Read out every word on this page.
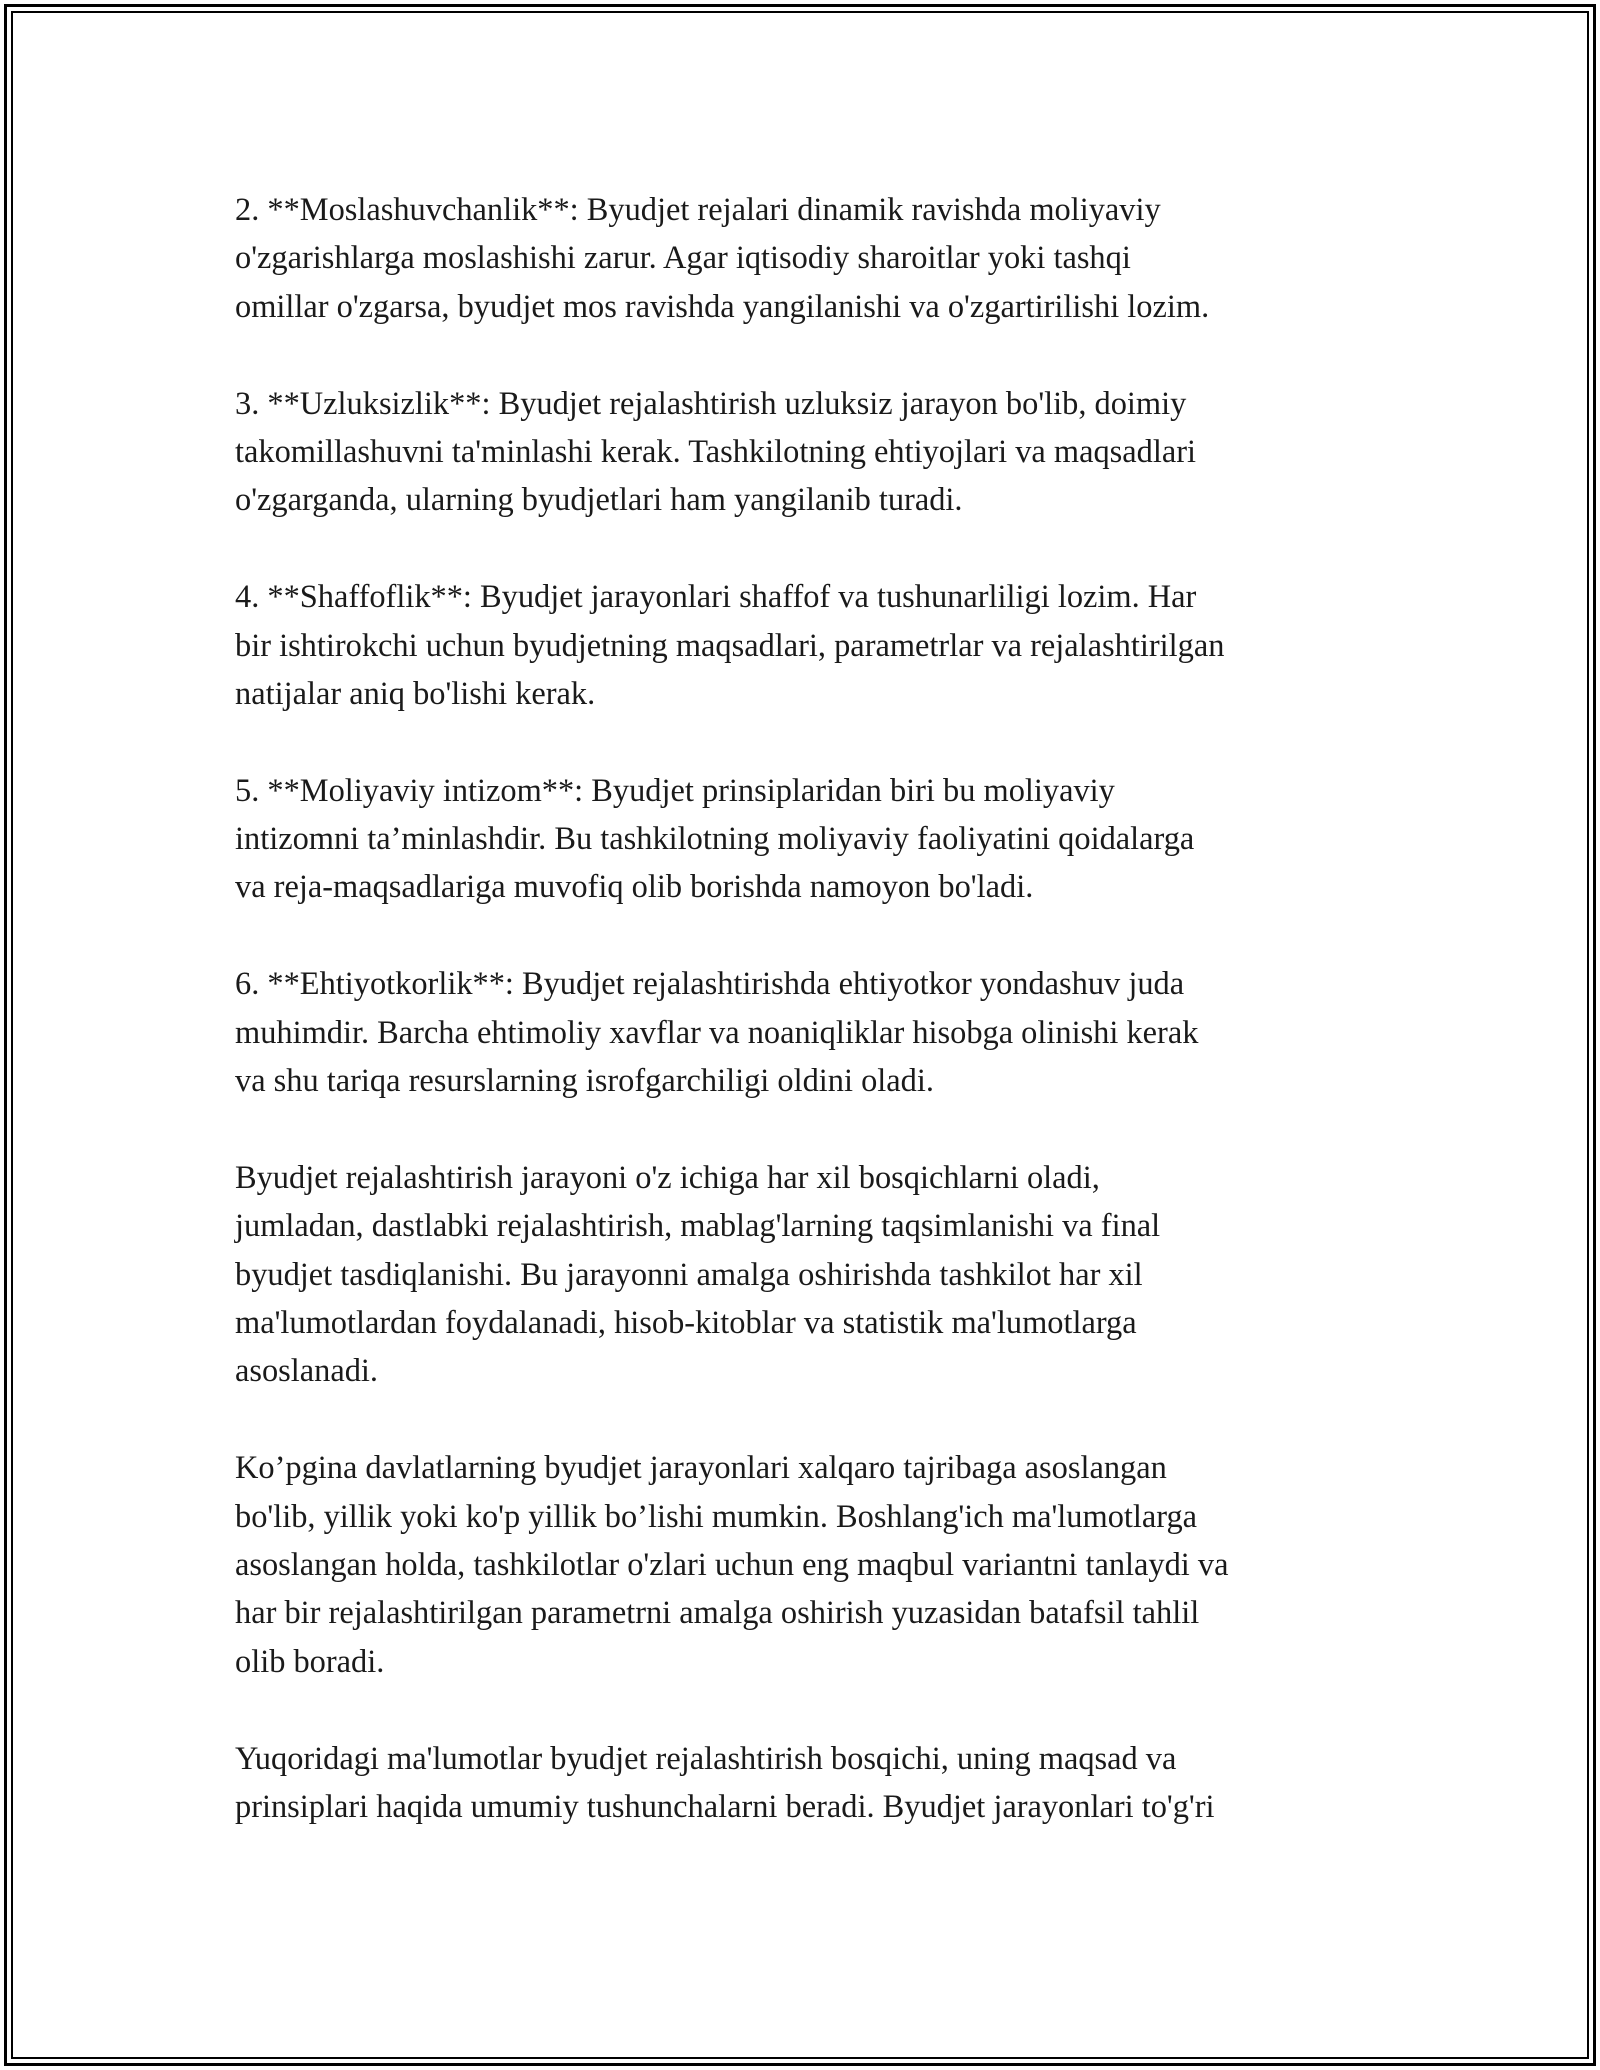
2. **Moslashuvchanlik**: Byudjet rejalari dinamik ravishda moliyaviy
o'zgarishlarga moslashishi zarur. Agar iqtisodiy sharoitlar yoki tashqi
omillar o'zgarsa, byudjet mos ravishda yangilanishi va o'zgartirilishi lozim.

3. **Uzluksizlik**: Byudjet rejalashtirish uzluksiz jarayon bo'lib, doimiy
takomillashuvni ta'minlashi kerak. Tashkilotning ehtiyojlari va maqsadlari
o'zgarganda, ularning byudjetlari ham yangilanib turadi.

4. **Shaffoflik**: Byudjet jarayonlari shaffof va tushunarliligi lozim. Har
bir ishtirokchi uchun byudjetning maqsadlari, parametrlar va rejalashtirilgan
natijalar aniq bo'lishi kerak.

5. **Moliyaviy intizom**: Byudjet prinsiplaridan biri bu moliyaviy
intizomni ta’minlashdir. Bu tashkilotning moliyaviy faoliyatini qoidalarga
va reja-maqsadlariga muvofiq olib borishda namoyon bo'ladi.

6. **Ehtiyotkorlik**: Byudjet rejalashtirishda ehtiyotkor yondashuv juda
muhimdir. Barcha ehtimoliy xavflar va noaniqliklar hisobga olinishi kerak
va shu tariqa resurslarning isrofgarchiligi oldini oladi.

Byudjet rejalashtirish jarayoni o'z ichiga har xil bosqichlarni oladi,
jumladan, dastlabki rejalashtirish, mablag'larning taqsimlanishi va final
byudjet tasdiqlanishi. Bu jarayonni amalga oshirishda tashkilot har xil
ma'lumotlardan foydalanadi, hisob-kitoblar va statistik ma'lumotlarga
asoslanadi.

Ko’pgina davlatlarning byudjet jarayonlari xalqaro tajribaga asoslangan
bo'lib, yillik yoki ko'p yillik bo’lishi mumkin. Boshlang'ich ma'lumotlarga
asoslangan holda, tashkilotlar o'zlari uchun eng maqbul variantni tanlaydi va
har bir rejalashtirilgan parametrni amalga oshirish yuzasidan batafsil tahlil
olib boradi.

Yuqoridagi ma'lumotlar byudjet rejalashtirish bosqichi, uning maqsad va
prinsiplari haqida umumiy tushunchalarni beradi. Byudjet jarayonlari to'g'ri
